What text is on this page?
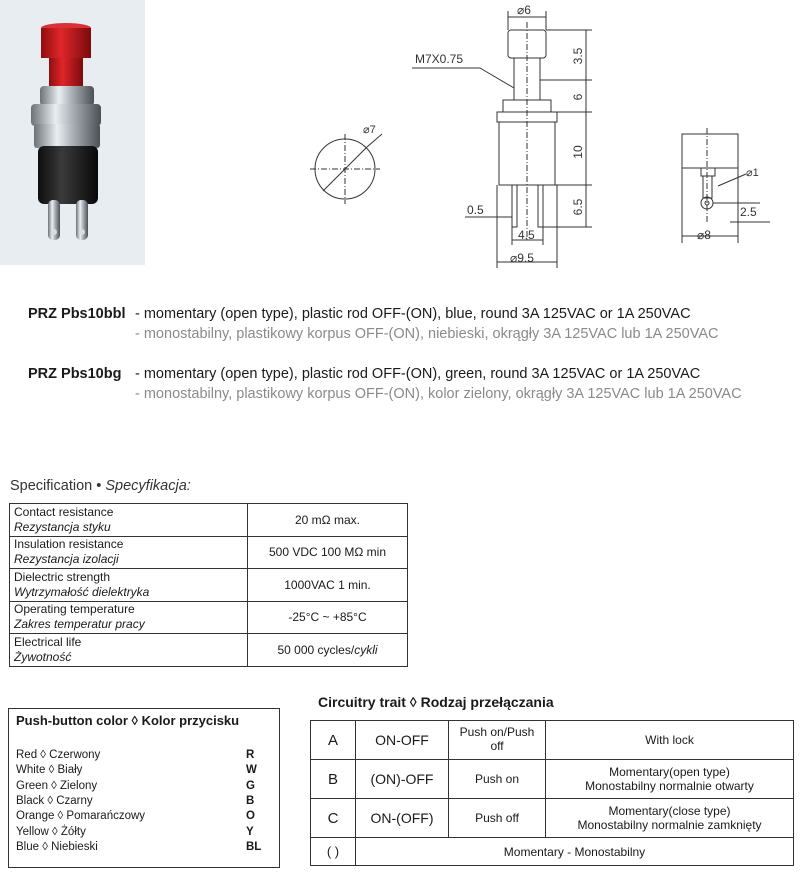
⌀6
M7X0.75
⌀7
3.5
6
10
6.5
0.5
4.5
⌀9.5
⌀1
2.5
⌀8
PRZ Pbs10bbl - momentary (open type), plastic rod OFF-(ON), blue, round 3A 125VAC or 1A 250VAC
- monostabilny, plastikowy korpus OFF-(ON), niebieski, okrągły 3A 125VAC lub 1A 250VAC
PRZ Pbs10bg - momentary (open type), plastic rod OFF-(ON), green, round 3A 125VAC or 1A 250VAC
- monostabilny, plastikowy korpus OFF-(ON), kolor zielony, okrągły 3A 125VAC lub 1A 250VAC
Specification • Specyfikacja:
Contact resistance
Rezystancja styku	20 mΩ max.
Insulation resistance
Rezystancja izolacji	500 VDC 100 MΩ min
Dielectric strength
Wytrzymałość dielektryka	1000VAC 1 min.
Operating temperature
Zakres temperatur pracy	-25°C ~ +85°C
Electrical life
Żywotność	50 000 cycles/cykli
Push-button color ◊ Kolor przycisku
Red ◊ Czerwony	R
White ◊ Biały	W
Green ◊ Zielony	G
Black ◊ Czarny	B
Orange ◊ Pomarańczowy	O
Yellow ◊ Żółty	Y
Blue ◊ Niebieski	BL
Circuitry trait ◊ Rodzaj przełączania
A	ON-OFF	Push on/Push off	With lock
B	(ON)-OFF	Push on	Momentary(open type)
Monostabilny normalnie otwarty
C	ON-(OFF)	Push off	Momentary(close type)
Monostabilny normalnie zamknięty
( )	Momentary - Monostabilny		
